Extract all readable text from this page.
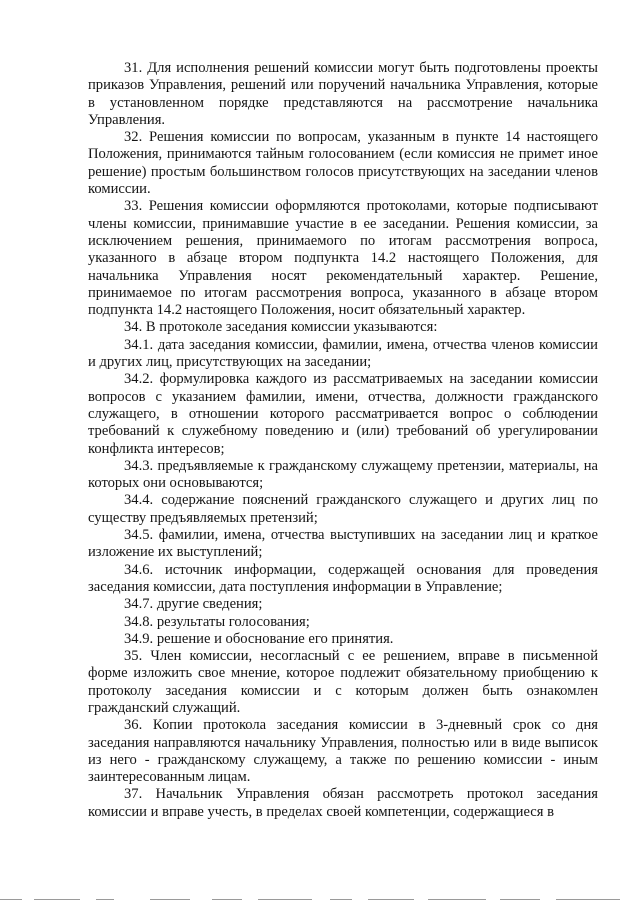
31. Для исполнения решений комиссии могут быть подготовлены проекты приказов Управления, решений или поручений начальника Управления, которые в установленном порядке представляются на рассмотрение начальника Управления.

32. Решения комиссии по вопросам, указанным в пункте 14 настоящего Положения, принимаются тайным голосованием (если комиссия не примет иное решение) простым большинством голосов присутствующих на заседании членов комиссии.

33. Решения комиссии оформляются протоколами, которые подписывают члены комиссии, принимавшие участие в ее заседании. Решения комиссии, за исключением решения, принимаемого по итогам рассмотрения вопроса, указанного в абзаце втором подпункта 14.2 настоящего Положения, для начальника Управления носят рекомендательный характер. Решение, принимаемое по итогам рассмотрения вопроса, указанного в абзаце втором подпункта 14.2 настоящего Положения, носит обязательный характер.

34. В протоколе заседания комиссии указываются:

34.1. дата заседания комиссии, фамилии, имена, отчества членов комиссии и других лиц, присутствующих на заседании;

34.2. формулировка каждого из рассматриваемых на заседании комиссии вопросов с указанием фамилии, имени, отчества, должности гражданского служащего, в отношении которого рассматривается вопрос о соблюдении требований к служебному поведению и (или) требований об урегулировании конфликта интересов;

34.3. предъявляемые к гражданскому служащему претензии, материалы, на которых они основываются;

34.4. содержание пояснений гражданского служащего и других лиц по существу предъявляемых претензий;

34.5. фамилии, имена, отчества выступивших на заседании лиц и краткое изложение их выступлений;

34.6. источник информации, содержащей основания для проведения заседания комиссии, дата поступления информации в Управление;

34.7. другие сведения;

34.8. результаты голосования;

34.9. решение и обоснование его принятия.

35. Член комиссии, несогласный с ее решением, вправе в письменной форме изложить свое мнение, которое подлежит обязательному приобщению к протоколу заседания комиссии и с которым должен быть ознакомлен гражданский служащий.

36. Копии протокола заседания комиссии в 3-дневный срок со дня заседания направляются начальнику Управления, полностью или в виде выписок из него - гражданскому служащему, а также по решению комиссии - иным заинтересованным лицам.

37. Начальник Управления обязан рассмотреть протокол заседания комиссии и вправе учесть, в пределах своей компетенции, содержащиеся в
